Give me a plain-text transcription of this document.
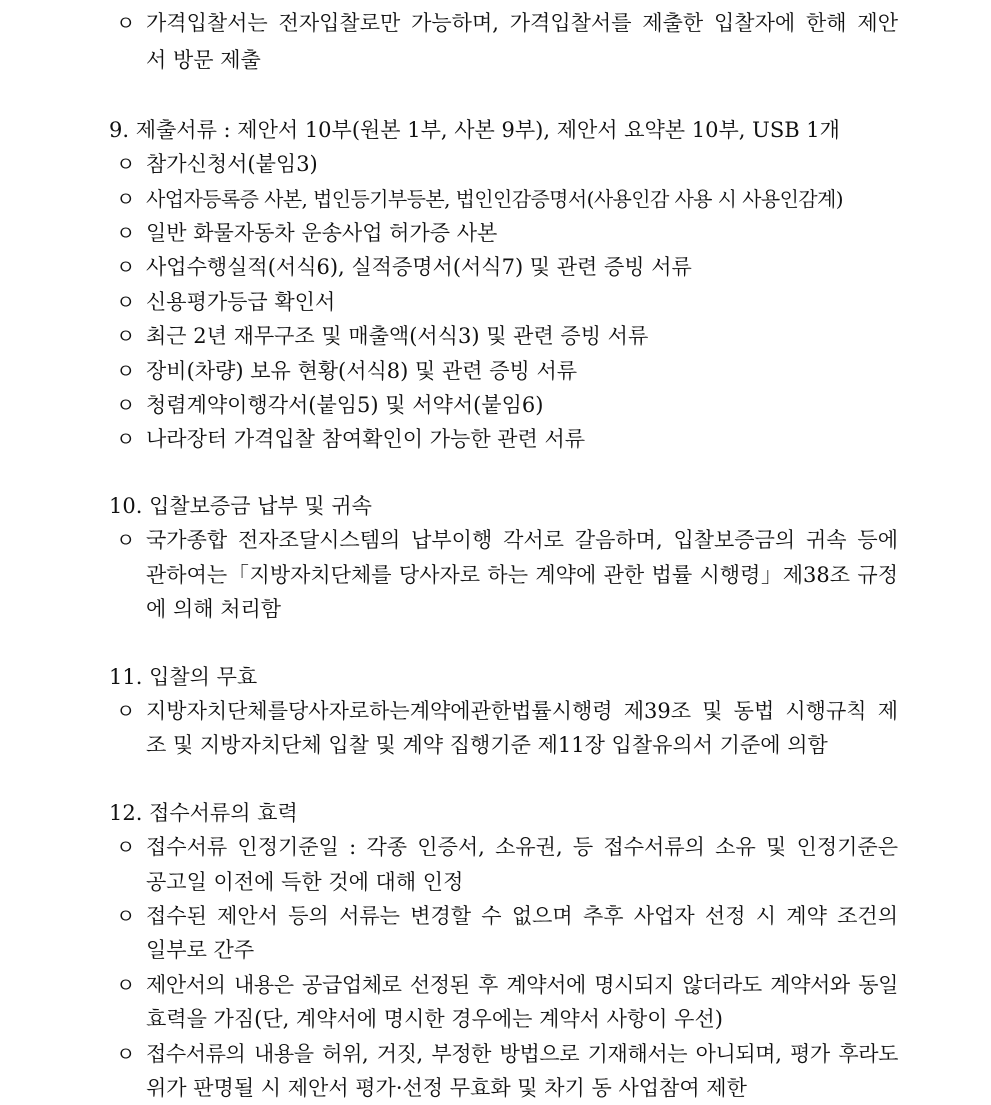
ㅇ 가격입찰서는 전자입찰로만 가능하며, 가격입찰서를 제출한 입찰자에 한해 제안
서 방문 제출
9. 제출서류 : 제안서 10부(원본 1부, 사본 9부), 제안서 요약본 10부, USB 1개
ㅇ 참가신청서(붙임3)
ㅇ 사업자등록증 사본, 법인등기부등본, 법인인감증명서(사용인감 사용 시 사용인감계)
ㅇ 일반 화물자동차 운송사업 허가증 사본
ㅇ 사업수행실적(서식6), 실적증명서(서식7) 및 관련 증빙 서류
ㅇ 신용평가등급 확인서
ㅇ 최근 2년 재무구조 및 매출액(서식3) 및 관련 증빙 서류
ㅇ 장비(차량) 보유 현황(서식8) 및 관련 증빙 서류
ㅇ 청렴계약이행각서(붙임5) 및 서약서(붙임6)
ㅇ 나라장터 가격입찰 참여확인이 가능한 관련 서류
10. 입찰보증금 납부 및 귀속
ㅇ 국가종합 전자조달시스템의 납부이행 각서로 갈음하며, 입찰보증금의 귀속 등에
관하여는「지방자치단체를 당사자로 하는 계약에 관한 법률 시행령」제38조 규정
에 의해 처리함
11. 입찰의 무효
ㅇ 지방자치단체를당사자로하는계약에관한법률시행령 제39조 및 동법 시행규칙 제
조 및 지방자치단체 입찰 및 계약 집행기준 제11장 입찰유의서 기준에 의함
12. 접수서류의 효력
ㅇ 접수서류 인정기준일 : 각종 인증서, 소유권, 등 접수서류의 소유 및 인정기준은
공고일 이전에 득한 것에 대해 인정
ㅇ 접수된 제안서 등의 서류는 변경할 수 없으며 추후 사업자 선정 시 계약 조건의
일부로 간주
ㅇ 제안서의 내용은 공급업체로 선정된 후 계약서에 명시되지 않더라도 계약서와 동일
효력을 가짐(단, 계약서에 명시한 경우에는 계약서 사항이 우선)
ㅇ 접수서류의 내용을 허위, 거짓, 부정한 방법으로 기재해서는 아니되며, 평가 후라도
위가 판명될 시 제안서 평가·선정 무효화 및 차기 동 사업참여 제한
